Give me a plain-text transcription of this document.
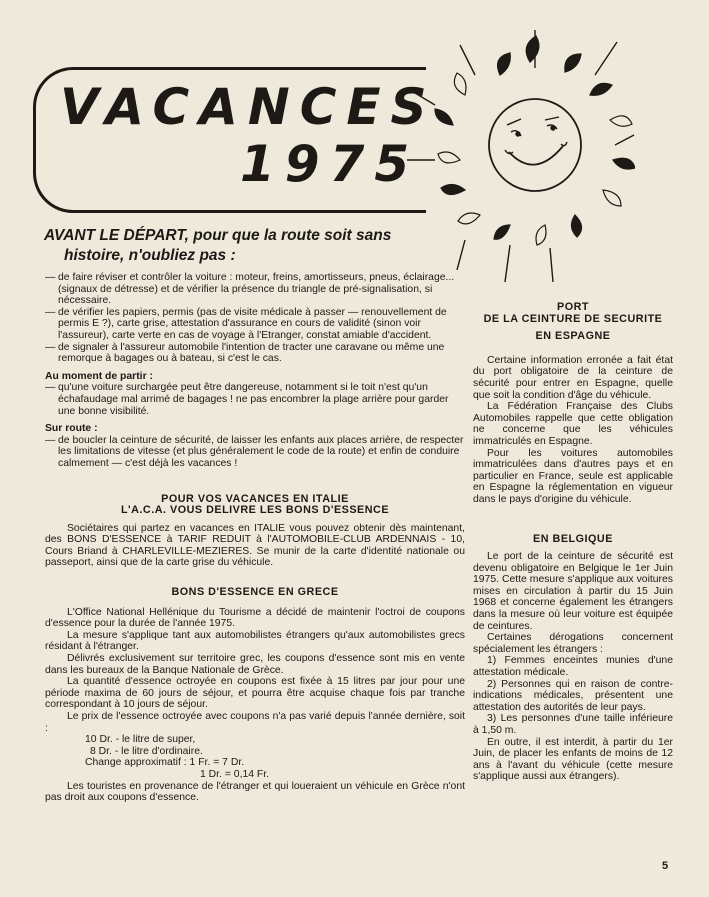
VACANCES
1975
AVANT LE DÉPART, pour que la route soit sans
histoire, n'oubliez pas :

— de faire réviser et contrôler la voiture : moteur, freins, amortisseurs, pneus, éclairage... (signaux de détresse) et de vérifier la présence du triangle de pré-signalisation, si nécessaire.

— de vérifier les papiers, permis (pas de visite médicale à passer — renouvellement de permis E ?), carte grise, attestation d'assurance en cours de validité (sinon voir l'assureur), carte verte en cas de voyage à l'Etranger, constat amiable d'accident.

— de signaler à l'assureur automobile l'intention de tracter une caravane ou même une remorque à bagages ou à bateau, si c'est le cas.

Au moment de partir :

— qu'une voiture surchargée peut être dangereuse, notamment si le toit n'est qu'un échafaudage mal arrimé de bagages ! ne pas encombrer la plage arrière pour garder une bonne visibilité.

Sur route :

— de boucler la ceinture de sécurité, de laisser les enfants aux places arrière, de respecter les limitations de vitesse (et plus généralement le code de la route) et enfin de conduire calmement — c'est déjà les vacances !

POUR VOS VACANCES EN ITALIE

L'A.C.A. VOUS DELIVRE LES BONS D'ESSENCE

Sociétaires qui partez en vacances en ITALIE vous pouvez obtenir dès maintenant, des BONS D'ESSENCE à TARIF REDUIT à l'AUTOMOBILE-CLUB ARDENNAIS - 10, Cours Briand à CHARLEVILLE-MEZIERES. Se munir de la carte d'identité nationale ou passeport, ainsi que de la carte grise du véhicule.

BONS D'ESSENCE EN GRECE

L'Office National Hellénique du Tourisme a décidé de maintenir l'octroi de coupons d'essence pour la durée de l'année 1975.

La mesure s'applique tant aux automobilistes étrangers qu'aux automobilistes grecs résidant à l'étranger.

Délivrés exclusivement sur territoire grec, les coupons d'essence sont mis en vente dans les bureaux de la Banque Nationale de Grèce.

La quantité d'essence octroyée en coupons est fixée à 15 litres par jour pour une période maxima de 60 jours de séjour, et pourra être acquise chaque fois par tranche correspondant à 10 jours de séjour.

Le prix de l'essence octroyée avec coupons n'a pas varié depuis l'année dernière, soit :

10 Dr. - le litre de super,
8 Dr. - le litre d'ordinaire.
Change approximatif : 1 Fr. = 7 Dr.
1 Dr. = 0,14 Fr.

Les touristes en provenance de l'étranger et qui loueraient un véhicule en Grèce n'ont pas droit aux coupons d'essence.

PORT

DE LA CEINTURE DE SECURITE

EN ESPAGNE

Certaine information erronée a fait état du port obligatoire de la ceinture de sécurité pour entrer en Espagne, quelle que soit la condition d'âge du véhicule.

La Fédération Française des Clubs Automobiles rappelle que cette obligation ne concerne que les véhicules immatriculés en Espagne.

Pour les voitures automobiles immatriculées dans d'autres pays et en particulier en France, seule est applicable en Espagne la réglementation en vigueur dans le pays d'origine du véhicule.

EN BELGIQUE

Le port de la ceinture de sécurité est devenu obligatoire en Belgique le 1er Juin 1975. Cette mesure s'applique aux voitures mises en circulation à partir du 15 Juin 1968 et concerne également les étrangers dans la mesure où leur voiture est équipée de ceintures.

Certaines dérogations concernent spécialement les étrangers :

1) Femmes enceintes munies d'une attestation médicale.

2) Personnes qui en raison de contre-indications médicales, présentent une attestation des autorités de leur pays.

3) Les personnes d'une taille inférieure à 1,50 m.

En outre, il est interdit, à partir du 1er Juin, de placer les enfants de moins de 12 ans à l'avant du véhicule (cette mesure s'applique aussi aux étrangers).

5
